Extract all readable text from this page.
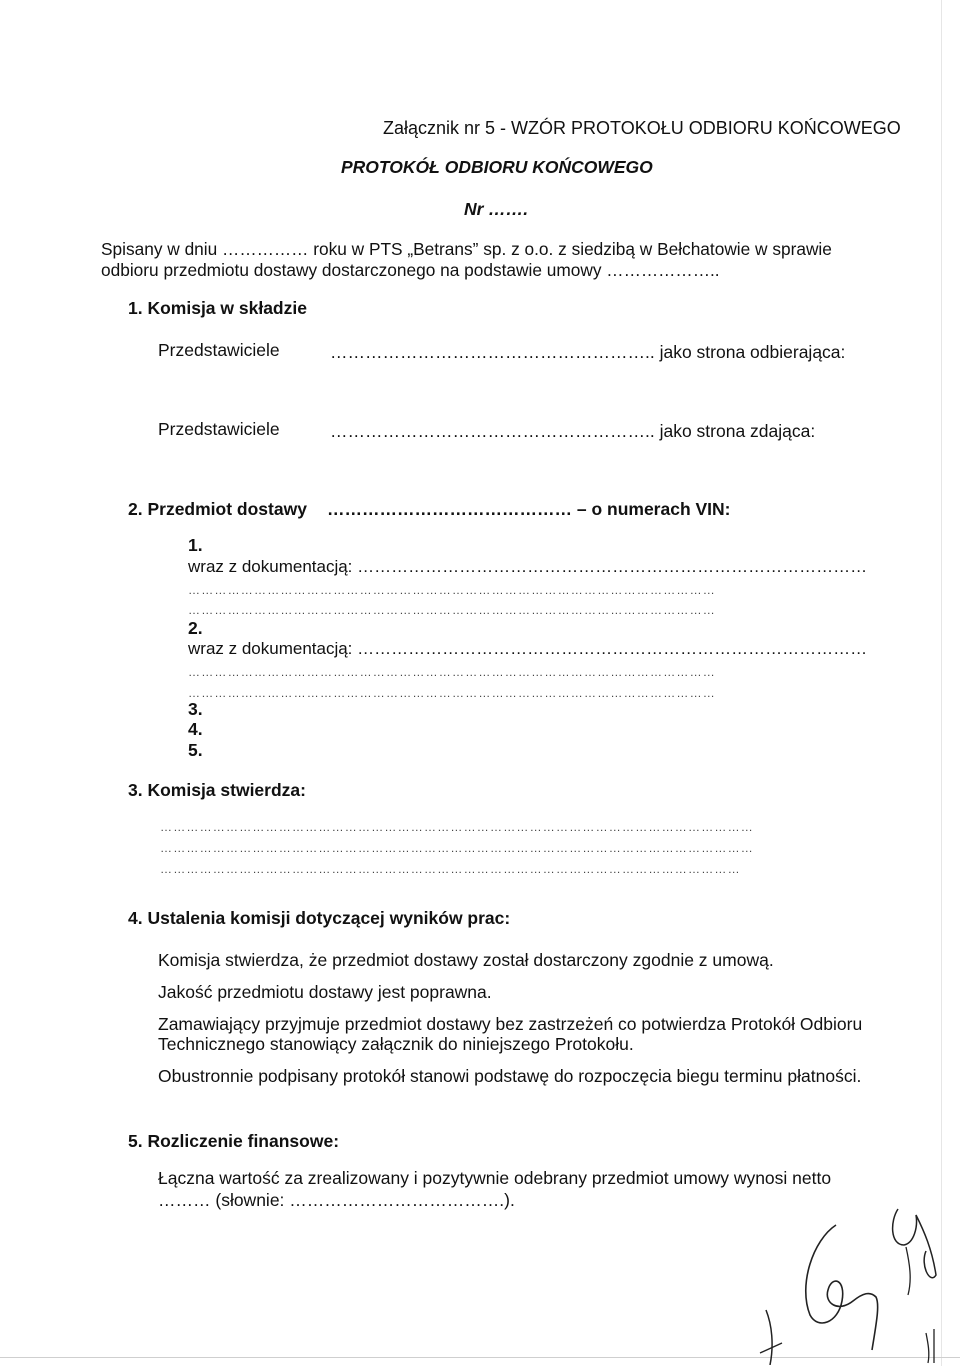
Załącznik nr 5 - WZÓR PROTOKOŁU ODBIORU KOŃCOWEGO
PROTOKÓŁ ODBIORU KOŃCOWEGO
Nr …….
Spisany w dniu …………… roku w PTS „Betrans” sp. z o.o. z siedzibą w Bełchatowie w sprawie
odbioru przedmiotu dostawy dostarczonego na podstawie umowy ………………..
1. Komisja w składzie
Przedstawiciele	……………………………………………….. jako strona odbierająca:
Przedstawiciele	……………………………………………….. jako strona zdająca:
2. Przedmiot dostawy …………………………………… – o numerach VIN:
1.
wraz z dokumentacją: ………………………………………………………………………………
…………………………………………………………………………………………………………
…………………………………………………………………………………………………………
2.
wraz z dokumentacją: ………………………………………………………………………………
…………………………………………………………………………………………………………
…………………………………………………………………………………………………………
3.
4.
5.
3. Komisja stwierdza:
………………………………………………………………………………………………………………………
………………………………………………………………………………………………………………………
……………………………………………………………………………………………………………………
4. Ustalenia komisji dotyczącej wyników prac:
Komisja stwierdza, że przedmiot dostawy został dostarczony zgodnie z umową.
Jakość przedmiotu dostawy jest poprawna.
Zamawiający przyjmuje przedmiot dostawy bez zastrzeżeń co potwierdza Protokół Odbioru
Technicznego stanowiący załącznik do niniejszego Protokołu.
Obustronnie podpisany protokół stanowi podstawę do rozpoczęcia biegu terminu płatności.
5. Rozliczenie finansowe:
Łączna wartość za zrealizowany i pozytywnie odebrany przedmiot umowy wynosi netto
……… (słownie: ……………………………….).
